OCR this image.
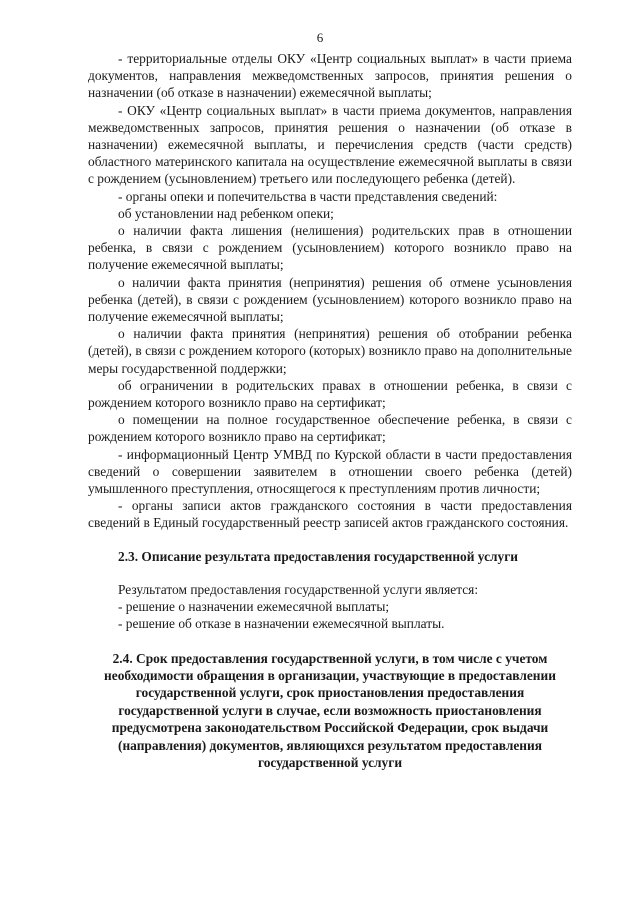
6

- территориальные отделы ОКУ «Центр социальных выплат» в части приема документов, направления межведомственных запросов, принятия решения о назначении (об отказе в назначении) ежемесячной выплаты;

- ОКУ «Центр социальных выплат» в части приема документов, направления межведомственных запросов, принятия решения о назначении (об отказе в назначении) ежемесячной выплаты, и перечисления средств (части средств) областного материнского капитала на осуществление ежемесячной выплаты в связи с рождением (усыновлением) третьего или последующего ребенка (детей).

- органы опеки и попечительства в части представления сведений:

об установлении над ребенком опеки;

о наличии факта лишения (нелишения) родительских прав в отношении ребенка, в связи с рождением (усыновлением) которого возникло право на получение ежемесячной выплаты;

о наличии факта принятия (непринятия) решения об отмене усыновления ребенка (детей), в связи с рождением (усыновлением) которого возникло право на получение ежемесячной выплаты;

о наличии факта принятия (непринятия) решения об отобрании ребенка (детей), в связи с рождением которого (которых) возникло право на дополнительные меры государственной поддержки;

об ограничении в родительских правах в отношении ребенка, в связи с рождением которого возникло право на сертификат;

о помещении на полное государственное обеспечение ребенка, в связи с рождением которого возникло право на сертификат;

- информационный Центр УМВД по Курской области в части предоставления сведений о совершении заявителем в отношении своего ребенка (детей) умышленного преступления, относящегося к преступлениям против личности;

- органы записи актов гражданского состояния в части предоставления сведений в Единый государственный реестр записей актов гражданского состояния.

2.3. Описание результата предоставления государственной услуги

Результатом предоставления государственной услуги является:

- решение о назначении ежемесячной выплаты;

- решение об отказе в назначении ежемесячной выплаты.

2.4. Срок предоставления государственной услуги, в том числе с учетом необходимости обращения в организации, участвующие в предоставлении государственной услуги, срок приостановления предоставления государственной услуги в случае, если возможность приостановления предусмотрена законодательством Российской Федерации, срок выдачи (направления) документов, являющихся результатом предоставления государственной услуги
